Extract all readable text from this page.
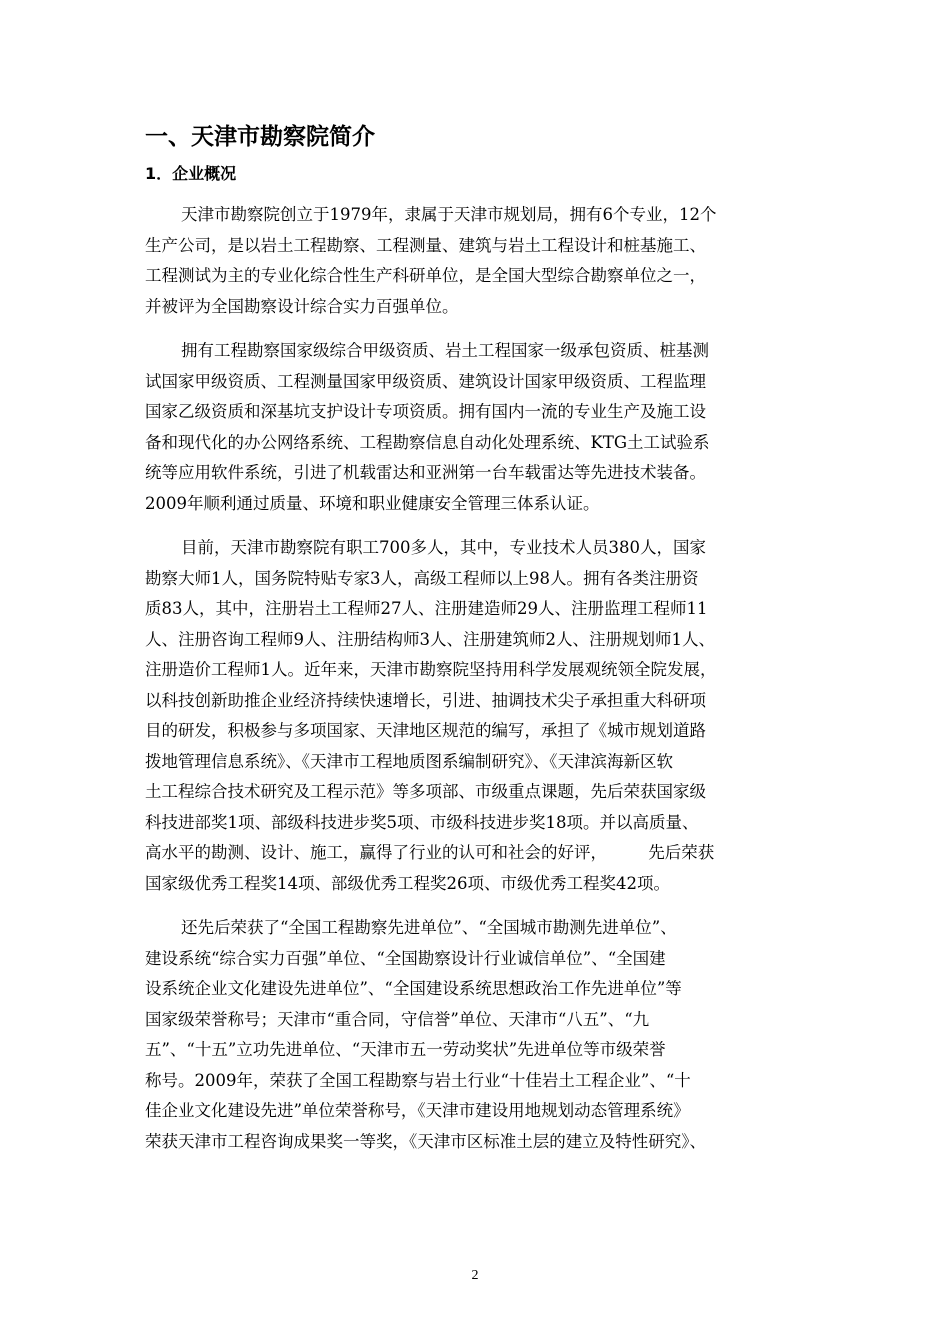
一、天津市勘察院简介
1．企业概况
天津市勘察院创立于1979年，隶属于天津市规划局，拥有6个专业，12个
生产公司，是以岩土工程勘察、工程测量、建筑与岩土工程设计和桩基施工、
工程测试为主的专业化综合性生产科研单位，是全国大型综合勘察单位之一，
并被评为全国勘察设计综合实力百强单位。
拥有工程勘察国家级综合甲级资质、岩土工程国家一级承包资质、桩基测
试国家甲级资质、工程测量国家甲级资质、建筑设计国家甲级资质、工程监理
国家乙级资质和深基坑支护设计专项资质。拥有国内一流的专业生产及施工设
备和现代化的办公网络系统、工程勘察信息自动化处理系统、KTG土工试验系
统等应用软件系统，引进了机载雷达和亚洲第一台车载雷达等先进技术装备。
2009年顺利通过质量、环境和职业健康安全管理三体系认证。
目前，天津市勘察院有职工700多人，其中，专业技术人员380人，国家
勘察大师1人，国务院特贴专家3人，高级工程师以上98人。拥有各类注册资
质83人，其中，注册岩土工程师27人、注册建造师29人、注册监理工程师11
人、注册咨询工程师9人、注册结构师3人、注册建筑师2人、注册规划师1人、
注册造价工程师1人。近年来，天津市勘察院坚持用科学发展观统领全院发展，
以科技创新助推企业经济持续快速增长，引进、抽调技术尖子承担重大科研项
目的研发，积极参与多项国家、天津地区规范的编写，承担了《城市规划道路
拨地管理信息系统》、《天津市工程地质图系编制研究》、《天津滨海新区软
土工程综合技术研究及工程示范》等多项部、市级重点课题，先后荣获国家级
科技进部奖1项、部级科技进步奖5项、市级科技进步奖18项。并以高质量、
高水平的勘测、设计、施工，赢得了行业的认可和社会的好评，　　　先后荣获
国家级优秀工程奖14项、部级优秀工程奖26项、市级优秀工程奖42项。
还先后荣获了“全国工程勘察先进单位”、“全国城市勘测先进单位”、
建设系统“综合实力百强”单位、“全国勘察设计行业诚信单位”、“全国建
设系统企业文化建设先进单位”、“全国建设系统思想政治工作先进单位”等
国家级荣誉称号；天津市“重合同，守信誉”单位、天津市“八五”、“九
五”、“十五”立功先进单位、“天津市五一劳动奖状”先进单位等市级荣誉
称号。2009年，荣获了全国工程勘察与岩土行业“十佳岩土工程企业”、“十
佳企业文化建设先进”单位荣誉称号，《天津市建设用地规划动态管理系统》
荣获天津市工程咨询成果奖一等奖，《天津市区标准土层的建立及特性研究》、
2
